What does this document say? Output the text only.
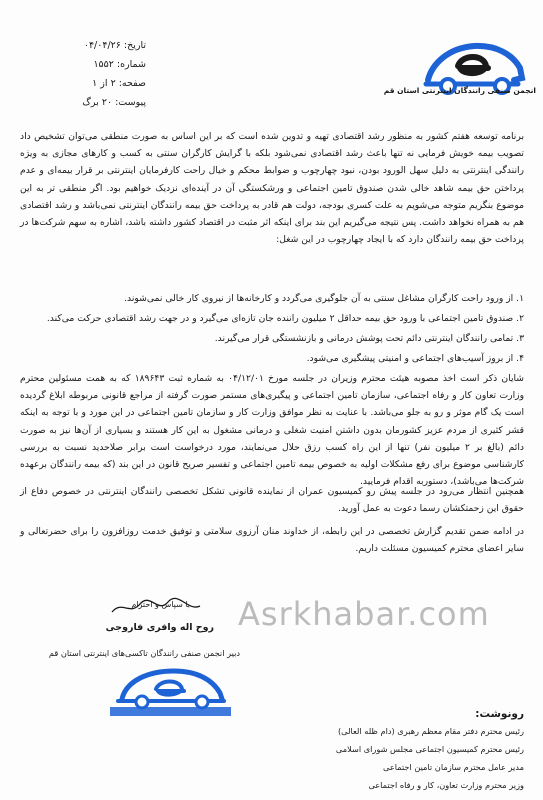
انجمن صنفی رانندگان اینترنتی استان قم
تاریخ: ۰۴/۰۴/۲۶
شماره: ۱۵۵۲
صفحه: ۲ از ۱
پیوست: ۲۰ برگ

برنامه توسعه هفتم کشور به منظور رشد اقتصادی تهیه و تدوین شده است که بر این اساس به صورت منطقی می‌توان تشخیص داد تصویب بیمه خویش فرمایی نه تنها باعث رشد اقتصادی نمی‌شود بلکه با گرایش کارگران سنتی به کسب و کارهای مجازی به ویژه رانندگی اینترنتی به دلیل سهل الورود بودن، نبود چهارچوب و ضوابط محکم و خیال راحت کارفرمایان اینترنتی بر قرار بیمه‌ای و عدم پرداختن حق بیمه شاهد خالی شدن صندوق تامین اجتماعی و ورشکستگی آن در آینده‌ای نزدیک خواهیم بود. اگر منطقی تر به این موضوع بنگریم متوجه می‌شویم به علت کسری بودجه، دولت هم قادر به پرداخت حق بیمه رانندگان اینترنتی نمی‌باشد و رشد اقتصادی هم به همراه نخواهد داشت. پس نتیجه می‌گیریم این بند برای اینکه اثر مثبت در اقتصاد کشور داشته باشد، اشاره به سهم شرکت‌ها در پرداخت حق بیمه رانندگان دارد که با ایجاد چهارچوب در این شغل:

۱. از ورود راحت کارگران مشاغل سنتی به آن جلوگیری می‌گردد و کارخانه‌ها از نیروی کار خالی نمی‌شوند.
۲. صندوق تامین اجتماعی با ورود حق بیمه حداقل ۲ میلیون راننده جان تازه‌ای می‌گیرد و در جهت رشد اقتصادی حرکت می‌کند.
۳. تمامی رانندگان اینترنتی دائم تحت پوشش درمانی و بازنشستگی قرار می‌گیرند.
۴. از بروز آسیب‌های اجتماعی و امنیتی پیشگیری می‌شود.

شایان ذکر است اخذ مصوبه هیئت محترم وزیران در جلسه مورخ ۰۴/۱۲/۰۱ به شماره ثبت ۱۸۹۶۴۳ که به همت مسئولین محترم وزارت تعاون کار و رفاه اجتماعی، سازمان تامین اجتماعی و پیگیری‌های مستمر صورت گرفته از مراجع قانونی مربوطه ابلاغ گردیده است یک گام موثر و رو به جلو می‌باشد. با عنایت به نظر موافق وزارت کار و سازمان تامین اجتماعی در این مورد و با توجه به اینکه قشر کثیری از مردم عزیز کشورمان بدون داشتن امنیت شغلی و درمانی مشغول به این کار هستند و بسیاری از آن‌ها نیز به صورت دائم (بالغ بر ۲ میلیون نفر) تنها از این راه کسب رزق حلال می‌نمایند، مورد درخواست است برابر صلاحدید نسبت به بررسی کارشناسی موضوع برای رفع مشکلات اولیه به خصوص بیمه تامین اجتماعی و تفسیر صریح قانون در این بند (که بیمه رانندگان برعهده شرکت‌ها می‌باشد)، دستوربه اقدام فرمایید.

همچنین انتظار می‌رود در جلسه پیش رو کمیسیون عمران از نماینده قانونی تشکل تخصصی رانندگان اینترنتی در خصوص دفاع از حقوق این زحمتکشان رسما دعوت به عمل آورید.

در ادامه ضمن تقدیم گزارش تخصصی در این رابطه، از خداوند منان آرزوی سلامتی و توفیق خدمت روزافزون را برای حضرتعالی و سایر اعضای محترم کمیسیون مسئلت داریم.

با سپاس و احترام
روح اله وافری فاروجی
دبیر انجمن صنفی رانندگان تاکسی‌های اینترنتی استان قم
Asrkhabar.com
رونوشت:
رئیس محترم دفتر مقام معظم رهبری (دام ظله العالی)
رئیس محترم کمیسیون اجتماعی مجلس شورای اسلامی
مدیر عامل محترم سازمان تامین اجتماعی
وزیر محترم وزارت تعاون، کار و رفاه اجتماعی
